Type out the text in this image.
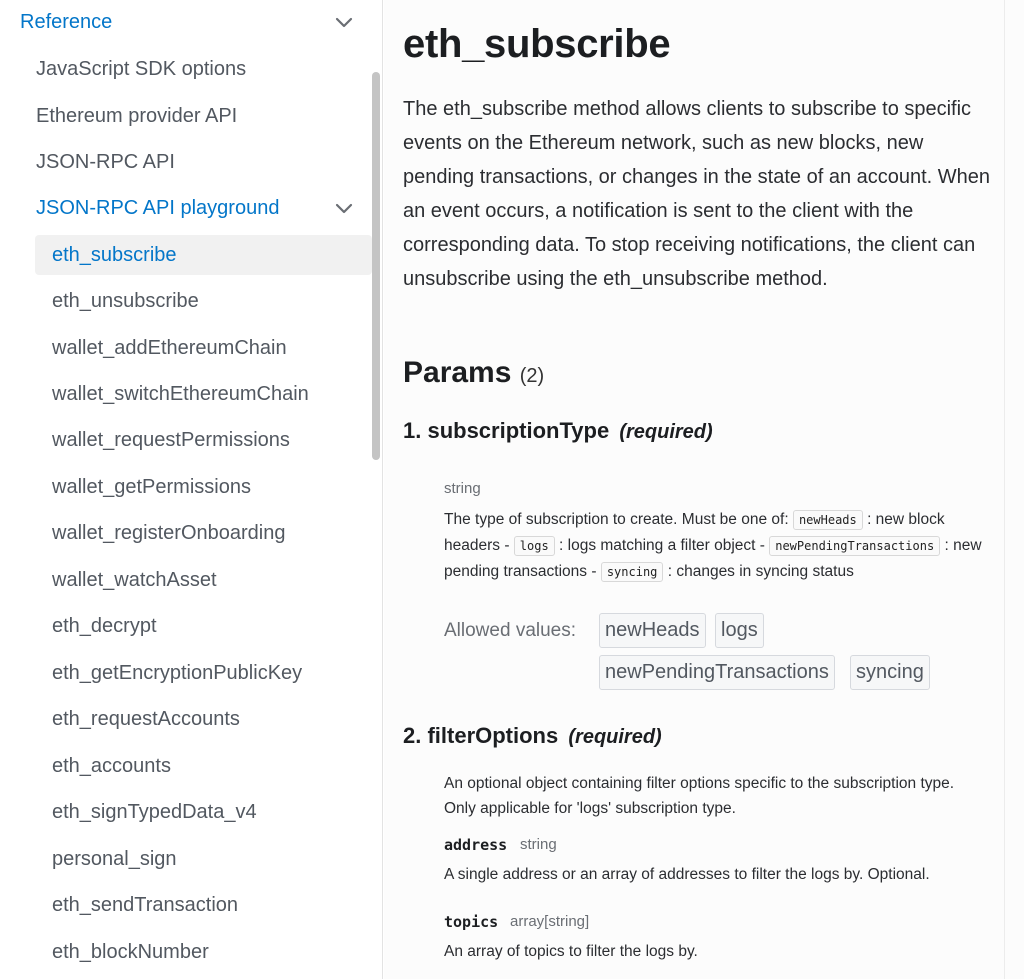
Reference
JavaScript SDK options
Ethereum provider API
JSON-RPC API
JSON-RPC API playground
eth_subscribe
eth_unsubscribe
wallet_addEthereumChain
wallet_switchEthereumChain
wallet_requestPermissions
wallet_getPermissions
wallet_registerOnboarding
wallet_watchAsset
eth_decrypt
eth_getEncryptionPublicKey
eth_requestAccounts
eth_accounts
eth_signTypedData_v4
personal_sign
eth_sendTransaction
eth_blockNumber
eth_subscribe

The eth_subscribe method allows clients to subscribe to specific events on the Ethereum network, such as new blocks, new pending transactions, or changes in the state of an account. When an event occurs, a notification is sent to the client with the corresponding data. To stop receiving notifications, the client can unsubscribe using the eth_unsubscribe method.

Params (2)
1. subscriptionType (required)
string
The type of subscription to create. Must be one of: newHeads : new block headers - logs : logs matching a filter object - newPendingTransactions : new pending transactions - syncing : changes in syncing status
Allowed values:	newHeads	logs
newPendingTransactions	syncing
2. filterOptions (required)
An optional object containing filter options specific to the subscription type. Only applicable for 'logs' subscription type.
address string
A single address or an array of addresses to filter the logs by. Optional.
topics array[string]
An array of topics to filter the logs by.
